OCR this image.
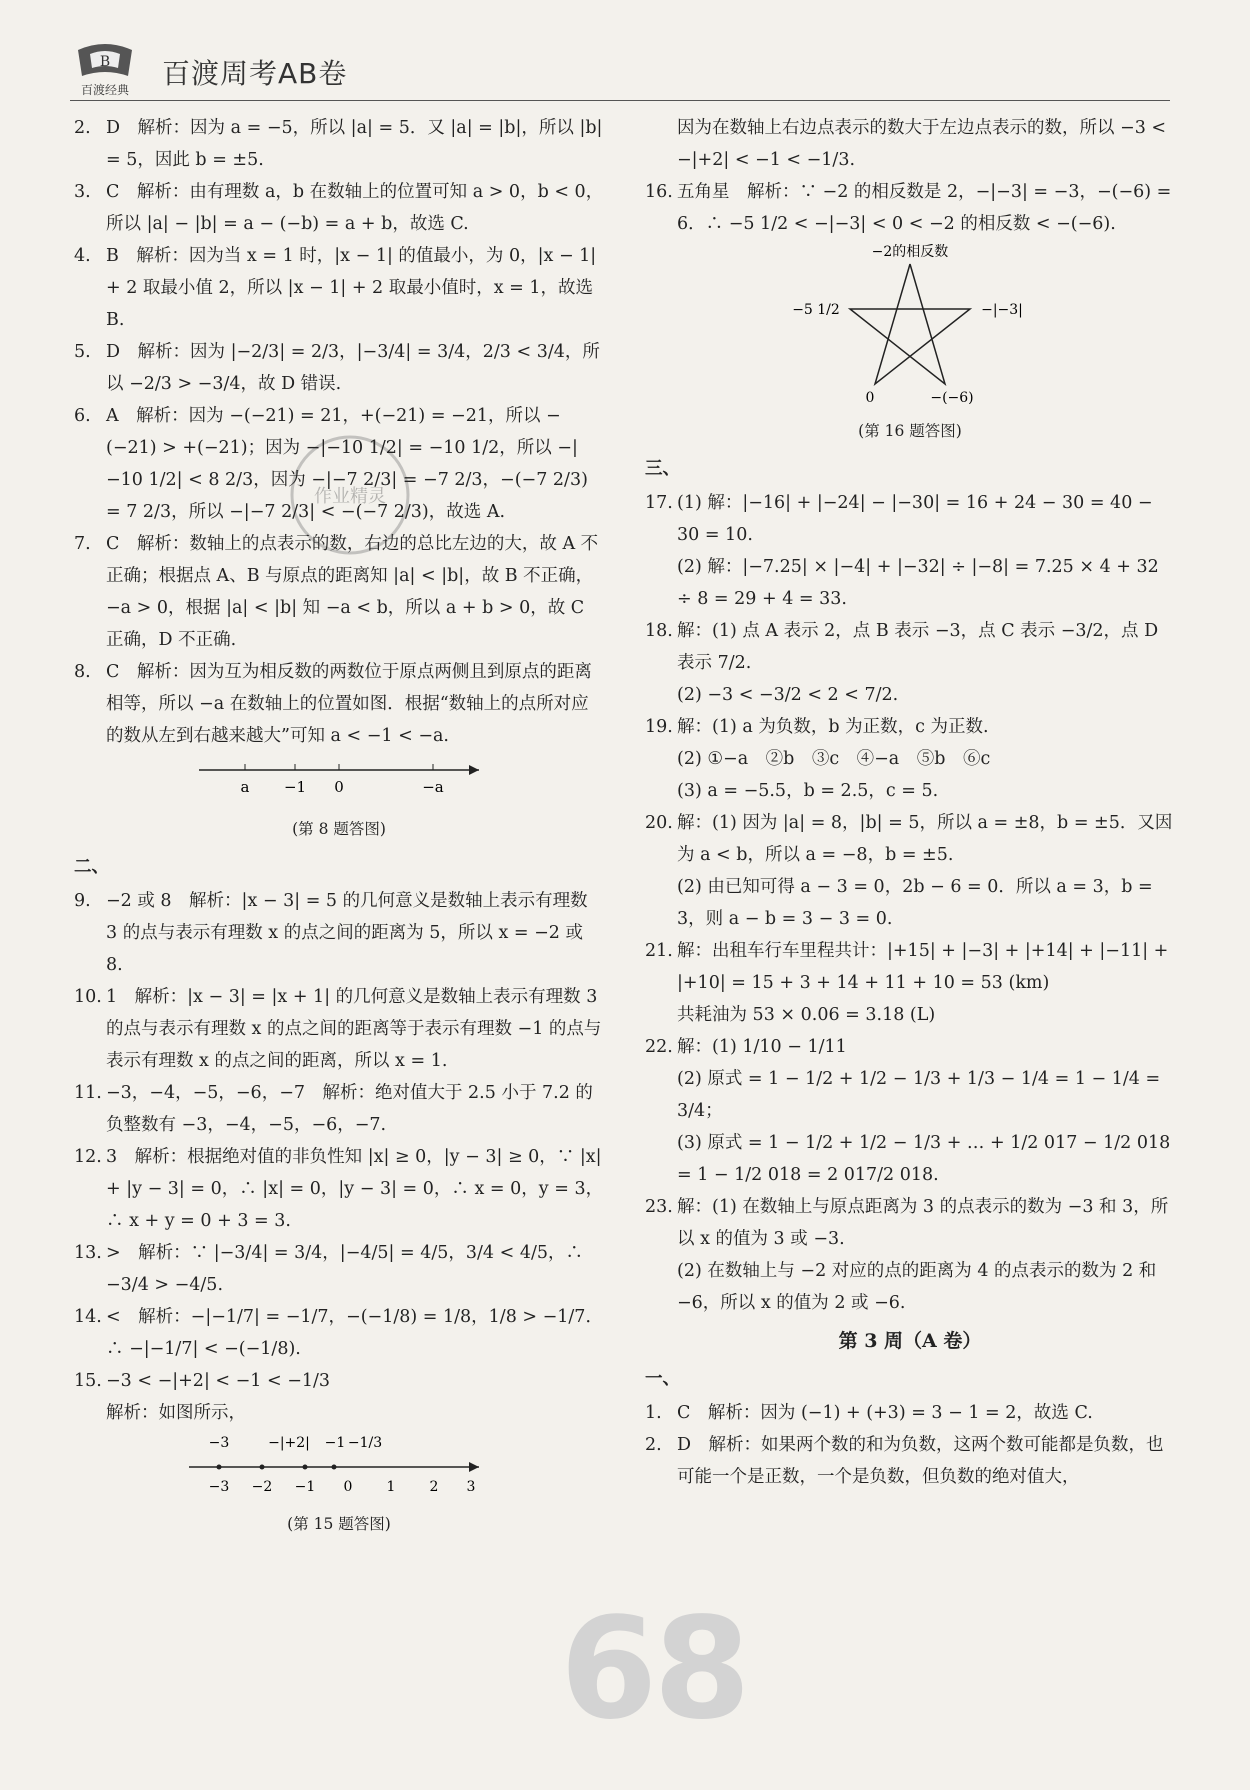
B
百渡经典 百渡周考AB卷
作业精灵
2. D　解析：因为 a = −5，所以 |a| = 5．又 |a| = |b|，所以 |b| = 5，因此 b = ±5.
3. C　解析：由有理数 a，b 在数轴上的位置可知 a > 0，b < 0，所以 |a| − |b| = a − (−b) = a + b，故选 C.
4. B　解析：因为当 x = 1 时，|x − 1| 的值最小，为 0，|x − 1| + 2 取最小值 2，所以 |x − 1| + 2 取最小值时，x = 1，故选 B.
5. D　解析：因为 |−2/3| = 2/3，|−3/4| = 3/4，2/3 < 3/4，所以 −2/3 > −3/4，故 D 错误.
6. A　解析：因为 −(−21) = 21，+(−21) = −21，所以 −(−21) > +(−21)；因为 −|−10 1/2| = −10 1/2，所以 −|−10 1/2| < 8 2/3，因为 −|−7 2/3| = −7 2/3，−(−7 2/3) = 7 2/3，所以 −|−7 2/3| < −(−7 2/3)，故选 A.
7. C　解析：数轴上的点表示的数，右边的总比左边的大，故 A 不正确；根据点 A、B 与原点的距离知 |a| < |b|，故 B 不正确，−a > 0，根据 |a| < |b| 知 −a < b，所以 a + b > 0，故 C 正确，D 不正确.
8. C　解析：因为互为相反数的两数位于原点两侧且到原点的距离相等，所以 −a 在数轴上的位置如图．根据“数轴上的点所对应的数从左到右越来越大”可知 a < −1 < −a.
a −1 0	−a
(第 8 题答图)
二、
9. −2 或 8　解析：|x − 3| = 5 的几何意义是数轴上表示有理数 3 的点与表示有理数 x 的点之间的距离为 5，所以 x = −2 或 8.
10. 1　解析：|x − 3| = |x + 1| 的几何意义是数轴上表示有理数 3 的点与表示有理数 x 的点之间的距离等于表示有理数 −1 的点与表示有理数 x 的点之间的距离，所以 x = 1.
11. −3，−4，−5，−6，−7　解析：绝对值大于 2.5 小于 7.2 的负整数有 −3，−4，−5，−6，−7.
12. 3　解析：根据绝对值的非负性知 |x| ≥ 0，|y − 3| ≥ 0，∵ |x| + |y − 3| = 0，∴ |x| = 0，|y − 3| = 0，∴ x = 0，y = 3，∴ x + y = 0 + 3 = 3.
13. >　解析：∵ |−3/4| = 3/4，|−4/5| = 4/5，3/4 < 4/5，∴ −3/4 > −4/5.
14. <　解析：−|−1/7| = −1/7，−(−1/8) = 1/8，1/8 > −1/7．∴ −|−1/7| < −(−1/8).
15. −3 < −|+2| < −1 < −1/3
解析：如图所示，
−3	−|+2| −1 −1/3
−3 −2 −1 0 1 2 3
(第 15 题答图)
因为在数轴上右边点表示的数大于左边点表示的数，所以 −3 < −|+2| < −1 < −1/3.
16. 五角星　解析：∵ −2 的相反数是 2，−|−3| = −3，−(−6) = 6．∴ −5 1/2 < −|−3| < 0 < −2 的相反数 < −(−6).
−2的相反数
−5 1/2	−|−3|
0	−(−6)
(第 16 题答图)
三、
17. (1) 解：|−16| + |−24| − |−30| = 16 + 24 − 30 = 40 − 30 = 10.
(2) 解：|−7.25| × |−4| + |−32| ÷ |−8| = 7.25 × 4 + 32 ÷ 8 = 29 + 4 = 33.
18. 解：(1) 点 A 表示 2，点 B 表示 −3，点 C 表示 −3/2，点 D 表示 7/2.
(2) −3 < −3/2 < 2 < 7/2.
19. 解：(1) a 为负数，b 为正数，c 为正数.
(2) ①−a　②b　③c　④−a　⑤b　⑥c
(3) a = −5.5，b = 2.5，c = 5.
20. 解：(1) 因为 |a| = 8，|b| = 5，所以 a = ±8，b = ±5．又因为 a < b，所以 a = −8，b = ±5.
(2) 由已知可得 a − 3 = 0，2b − 6 = 0．所以 a = 3，b = 3，则 a − b = 3 − 3 = 0.
21. 解：出租车行车里程共计：|+15| + |−3| + |+14| + |−11| + |+10| = 15 + 3 + 14 + 11 + 10 = 53 (km)
共耗油为 53 × 0.06 = 3.18 (L)
22. 解：(1) 1/10 − 1/11
(2) 原式 = 1 − 1/2 + 1/2 − 1/3 + 1/3 − 1/4 = 1 − 1/4 = 3/4；
(3) 原式 = 1 − 1/2 + 1/2 − 1/3 + … + 1/2 017 − 1/2 018 = 1 − 1/2 018 = 2 017/2 018.
23. 解：(1) 在数轴上与原点距离为 3 的点表示的数为 −3 和 3，所以 x 的值为 3 或 −3.
(2) 在数轴上与 −2 对应的点的距离为 4 的点表示的数为 2 和 −6，所以 x 的值为 2 或 −6.
第 3 周（A 卷）
一、
1. C　解析：因为 (−1) + (+3) = 3 − 1 = 2，故选 C.
2. D　解析：如果两个数的和为负数，这两个数可能都是负数，也可能一个是正数，一个是负数，但负数的绝对值大，
68
